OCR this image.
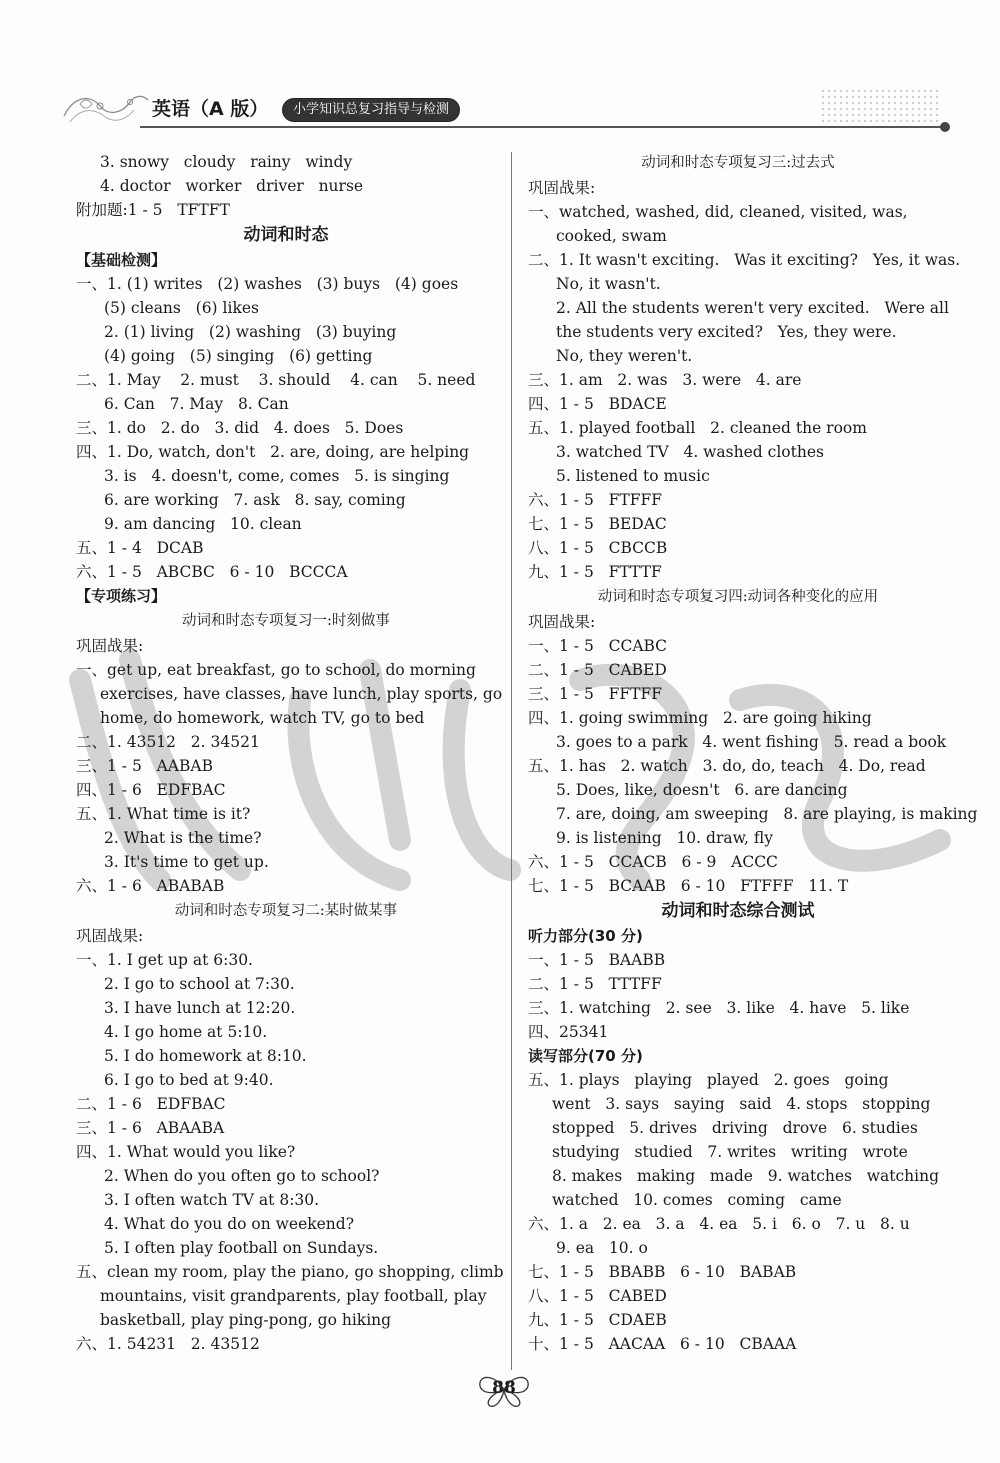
英语（A 版）	小学知识总复习指导与检测
3. snowy   cloudy   rainy   windy
4. doctor   worker   driver   nurse
附加题:1 - 5   TFTFT
动词和时态
【基础检测】
一、1. (1) writes   (2) washes   (3) buys   (4) goes
(5) cleans   (6) likes
2. (1) living   (2) washing   (3) buying
(4) going   (5) singing   (6) getting
二、1. May    2. must    3. should    4. can    5. need
6. Can   7. May   8. Can
三、1. do   2. do   3. did   4. does   5. Does
四、1. Do, watch, don't   2. are, doing, are helping
3. is   4. doesn't, come, comes   5. is singing
6. are working   7. ask   8. say, coming
9. am dancing   10. clean
五、1 - 4   DCAB
六、1 - 5   ABCBC   6 - 10   BCCCA
【专项练习】
动词和时态专项复习一:时刻做事
巩固战果:
一、get up, eat breakfast, go to school, do morning
exercises, have classes, have lunch, play sports, go
home, do homework, watch TV, go to bed
二、1. 43512   2. 34521
三、1 - 5   AABAB
四、1 - 6   EDFBAC
五、1. What time is it?
2. What is the time?
3. It's time to get up.
六、1 - 6   ABABAB
动词和时态专项复习二:某时做某事
巩固战果:
一、1. I get up at 6:30.
2. I go to school at 7:30.
3. I have lunch at 12:20.
4. I go home at 5:10.
5. I do homework at 8:10.
6. I go to bed at 9:40.
二、1 - 6   EDFBAC
三、1 - 6   ABAABA
四、1. What would you like?
2. When do you often go to school?
3. I often watch TV at 8:30.
4. What do you do on weekend?
5. I often play football on Sundays.
五、clean my room, play the piano, go shopping, climb
mountains, visit grandparents, play football, play
basketball, play ping-pong, go hiking
六、1. 54231   2. 43512
动词和时态专项复习三:过去式
巩固战果:
一、watched, washed, did, cleaned, visited, was,
cooked, swam
二、1. It wasn't exciting.   Was it exciting?   Yes, it was.
No, it wasn't.
2. All the students weren't very excited.   Were all
the students very excited?   Yes, they were.
No, they weren't.
三、1. am   2. was   3. were   4. are
四、1 - 5   BDACE
五、1. played football   2. cleaned the room
3. watched TV   4. washed clothes
5. listened to music
六、1 - 5   FTFFF
七、1 - 5   BEDAC
八、1 - 5   CBCCB
九、1 - 5   FTTTF
动词和时态专项复习四:动词各种变化的应用
巩固战果:
一、1 - 5   CCABC
二、1 - 5   CABED
三、1 - 5   FFTFF
四、1. going swimming   2. are going hiking
3. goes to a park   4. went fishing   5. read a book
五、1. has   2. watch   3. do, do, teach   4. Do, read
5. Does, like, doesn't   6. are dancing
7. are, doing, am sweeping   8. are playing, is making
9. is listening   10. draw, fly
六、1 - 5   CCACB   6 - 9   ACCC
七、1 - 5   BCAAB   6 - 10   FTFFF   11. T
动词和时态综合测试
听力部分(30 分)
一、1 - 5   BAABB
二、1 - 5   TTTFF
三、1. watching   2. see   3. like   4. have   5. like
四、25341
读写部分(70 分)
五、1. plays   playing   played   2. goes   going
went   3. says   saying   said   4. stops   stopping
stopped   5. drives   driving   drove   6. studies
studying   studied   7. writes   writing   wrote
8. makes   making   made   9. watches   watching
watched   10. comes   coming   came
六、1. a   2. ea   3. a   4. ea   5. i   6. o   7. u   8. u
9. ea   10. o
七、1 - 5   BBABB   6 - 10   BABAB
八、1 - 5   CABED
九、1 - 5   CDAEB
十、1 - 5   AACAA   6 - 10   CBAAA
88
